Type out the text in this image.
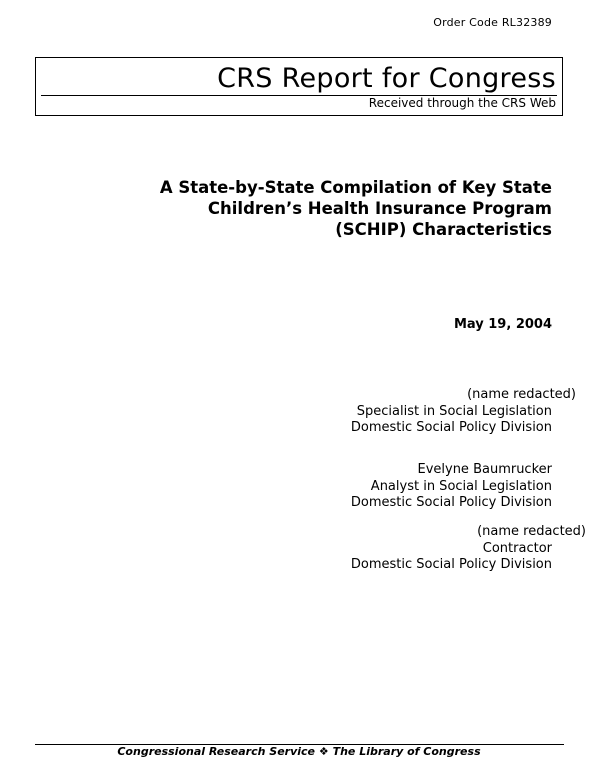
Order Code RL32389
CRS Report for Congress
Received through the CRS Web
A State-by-State Compilation of Key State
Children’s Health Insurance Program
(SCHIP) Characteristics
May 19, 2004
(name redacted)
Specialist in Social Legislation
Domestic Social Policy Division
Evelyne Baumrucker
Analyst in Social Legislation
Domestic Social Policy Division
(name redacted)
Contractor
Domestic Social Policy Division
Congressional Research Service ❖ The Library of Congress
